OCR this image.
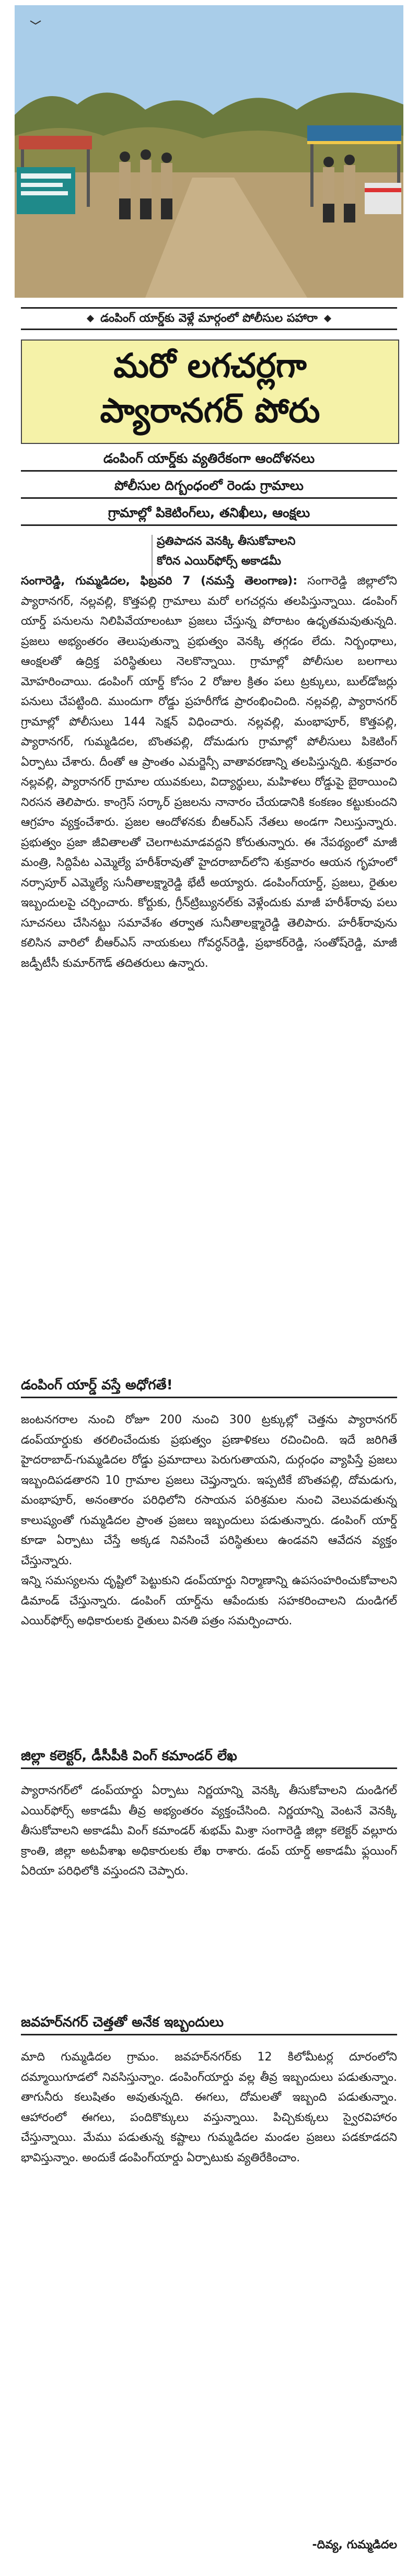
డంపింగ్ యార్డ్‌కు వెళ్లే మార్గంలో పోలీసుల పహారా
మరో లగచర్లగా
ప్యారానగర్ పోరు
డంపింగ్ యార్డ్‌కు వ్యతిరేకంగా ఆందోళనలు
పోలీసుల దిగ్బంధంలో రెండు గ్రామాలు
గ్రామాల్లో పికెటింగ్‌లు, తనిఖీలు, ఆంక్షలు
ప్రతిపాదన వెనక్కి తీసుకోవాలని
కోరిన ఎయిర్‌ఫోర్స్ అకాడమీ
సంగారెడ్డి, గుమ్మడిదల, ఫిబ్రవరి 7 (నమస్తే తెలంగాణ): సంగారెడ్డి జిల్లాలోని ప్యారానగర్, నల్లవల్లి, కొత్తపల్లి గ్రామాలు మరో లగచర్లను తలపిస్తున్నాయి. డంపింగ్ యార్డ్ పనులను నిలిపివేయాలంటూ ప్రజలు చేస్తున్న పోరాటం ఉధృతమవుతున్నది. ప్రజలు అభ్యంతరం తెలుపుతున్నా ప్రభుత్వం వెనక్కి తగ్గడం లేదు. నిర్బంధాలు, ఆంక్షలతో ఉద్రిక్త పరిస్థితులు నెలకొన్నాయి. గ్రామాల్లో పోలీసుల బలగాలు మోహరించాయి. డంపింగ్ యార్డ్ కోసం 2 రోజుల క్రితం పలు ట్రక్కులు, బుల్‌డోజర్లు పనులు చేపట్టింది. ముందుగా రోడ్డు ప్రహరీగోడ ప్రారంభించింది. నల్లవల్లి, ప్యారానగర్ గ్రామాల్లో పోలీసులు 144 సెక్షన్ విధించారు. నల్లవల్లి, మంభాపూర్, కొత్తపల్లి, ప్యారానగర్, గుమ్మడిదల, బొంతపల్లి, దోమడుగు గ్రామాల్లో పోలీసులు పికెటింగ్ ఏర్పాటు చేశారు. దీంతో ఆ ప్రాంతం ఎమర్జెన్సీ వాతావరణాన్ని తలపిస్తున్నది. శుక్రవారం నల్లవల్లి, ప్యారానగర్ గ్రామాల యువకులు, విద్యార్థులు, మహిళలు రోడ్డుపై బైఠాయించి నిరసన తెలిపారు. కాంగ్రెస్ సర్కార్ ప్రజలను నానారం చేయడానికి కంకణం కట్టుకుందని ఆగ్రహం వ్యక్తంచేశారు. ప్రజల ఆందోళనకు బీఆర్ఎస్ నేతలు అండగా నిలుస్తున్నారు. ప్రభుత్వం ప్రజా జీవితాలతో చెలగాటమాడవద్దని కోరుతున్నారు. ఈ నేపథ్యంలో మాజీ మంత్రి, సిద్దిపేట ఎమ్మెల్యే హరీశ్‌రావుతో హైదరాబాద్‌లోని శుక్రవారం ఆయన గృహంలో నర్సాపూర్ ఎమ్మెల్యే సునీతాలక్ష్మారెడ్డి భేటీ అయ్యారు. డంపింగ్‌యార్డ్, ప్రజలు, రైతుల ఇబ్బందులపై చర్చించారు. కోర్టుకు, గ్రీన్‌ట్రిబ్యునల్‌కు వెళ్లేందుకు మాజీ హరీశ్‌రావు పలు సూచనలు చేసినట్టు సమావేశం తర్వాత సునీతాలక్ష్మారెడ్డి తెలిపారు. హరీశ్‌రావును కలిసిన వారిలో బీఆర్ఎస్ నాయకులు గోవర్ధన్‌రెడ్డి, ప్రభాకర్‌రెడ్డి, సంతోష్‌రెడ్డి, మాజీ జడ్పీటీసీ కుమార్‌గౌడ్ తదితరులు ఉన్నారు.
డంపింగ్ యార్డ్ వస్తే అధోగతే!

జంటనగరాల నుంచి రోజూ 200 నుంచి 300 ట్రక్కుల్లో చెత్తను ప్యారానగర్ డంప్‌యార్డుకు తరలించేందుకు ప్రభుత్వం ప్రణాళికలు రచించింది. ఇదే జరిగితే హైదరాబాద్-గుమ్మడిదల రోడ్డు ప్రమాదాలు పెరుగుతాయని, దుర్గంధం వ్యాపిస్తే ప్రజలు ఇబ్బందిపడతారని 10 గ్రామాల ప్రజలు చెప్తున్నారు. ఇప్పటికే బొంతపల్లి, దోమడుగు, మంభాపూర్, అనంతారం పరిధిలోని రసాయన పరిశ్రమల నుంచి వెలువడుతున్న కాలుష్యంతో గుమ్మడిదల ప్రాంత ప్రజలు ఇబ్బందులు పడుతున్నారు. డంపింగ్ యార్డ్ కూడా ఏర్పాటు చేస్తే అక్కడ నివసించే పరిస్థితులు ఉండవని ఆవేదన వ్యక్తం చేస్తున్నారు.

ఇన్ని సమస్యలను దృష్టిలో పెట్టుకుని డంప్‌యార్డు నిర్మాణాన్ని ఉపసంహరించుకోవాలని డిమాండ్ చేస్తున్నారు. డంపింగ్ యార్డ్‌ను ఆపేందుకు సహకరించాలని దుండిగల్ ఎయిర్‌ఫోర్స్ అధికారులకు రైతులు వినతి పత్రం సమర్పించారు.

జిల్లా కలెక్టర్, డీసీపీకి వింగ్ కమాండర్ లేఖ

ప్యారానగర్‌లో డంప్‌యార్డు ఏర్పాటు నిర్ణయాన్ని వెనక్కి తీసుకోవాలని దుండిగల్ ఎయిర్‌ఫోర్స్ అకాడమీ తీవ్ర అభ్యంతరం వ్యక్తంచేసింది. నిర్ణయాన్ని వెంటనే వెనక్కి తీసుకోవాలని అకాడమీ వింగ్ కమాండర్ శుభమ్ మిశ్రా సంగారెడ్డి జిల్లా కలెక్టర్ వల్లూరు క్రాంతి, జిల్లా అటవీశాఖ అధికారులకు లేఖ రాశారు. డంప్ యార్డ్ అకాడమీ ఫ్లయింగ్ ఏరియా పరిధిలోకి వస్తుందని చెప్పారు.

జవహర్‌నగర్ చెత్తతో అనేక ఇబ్బందులు

మాది గుమ్మడిదల గ్రామం. జవహర్‌నగర్‌కు 12 కిలోమీటర్ల దూరంలోని దమ్మాయిగూడలో నివసిస్తున్నాం. డంపింగ్‌యార్డు వల్ల తీవ్ర ఇబ్బందులు పడుతున్నాం. తాగునీరు కలుషితం అవుతున్నది. ఈగలు, దోమలతో ఇబ్బంది పడుతున్నాం. ఆహారంలో ఈగలు, పందికొక్కులు వస్తున్నాయి. పిచ్చికుక్కలు స్వైరవిహారం చేస్తున్నాయి. మేము పడుతున్న కష్టాలు గుమ్మడిదల మండల ప్రజలు పడకూడదని భావిస్తున్నాం. అందుకే డంపింగ్‌యార్డు ఏర్పాటుకు వ్యతిరేకించాం.

-దివ్య, గుమ్మడిదల
